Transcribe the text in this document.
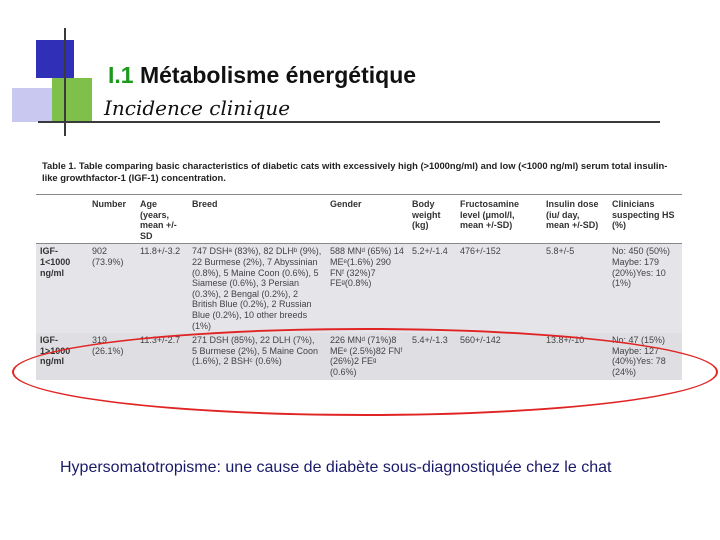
I.1 Métabolisme énergétique
Incidence clinique
Table 1. Table comparing basic characteristics of diabetic cats with excessively high (>1000ng/ml) and low (<1000 ng/ml) serum total insulin-like growthfactor-1 (IGF-1) concentration.
	Number	Age (years, mean +/-SD	Breed	Gender	Body weight (kg)	Fructosamine level (μmol/l, mean +/-SD)	Insulin dose (iu/ day, mean +/-SD)	Clinicians suspecting HS (%)
IGF-1<1000 ng/ml	902 (73.9%)	11.8+/-3.2	747 DSHᵃ (83%), 82 DLHᵇ (9%), 22 Burmese (2%), 7 Abyssinian (0.8%), 5 Maine Coon (0.6%), 5 Siamese (0.6%), 3 Persian (0.3%), 2 Bengal (0.2%), 2 British Blue (0.2%), 2 Russian Blue (0.2%), 10 other breeds (1%)	588 MNᵈ (65%) 14 MEᵉ(1.6%) 290 FNᶠ (32%)7 FEᵍ(0.8%)	5.2+/-1.4	476+/-152	5.8+/-5	No: 450 (50%) Maybe: 179 (20%)Yes: 10 (1%)
IGF-1>1000 ng/ml	319 (26.1%)	11.3+/-2.7	271 DSH (85%), 22 DLH (7%), 5 Burmese (2%), 5 Maine Coon (1.6%), 2 BSHᶜ (0.6%)	226 MNᵈ (71%)8 MEᵉ (2.5%)82 FNᶠ (26%)2 FEᵍ (0.6%)	5.4+/-1.3	560+/-142	13.8+/-10	No: 47 (15%) Maybe: 127 (40%)Yes: 78 (24%)
Hypersomatotropisme: une cause de diabète sous-diagnostiquée chez le chat
